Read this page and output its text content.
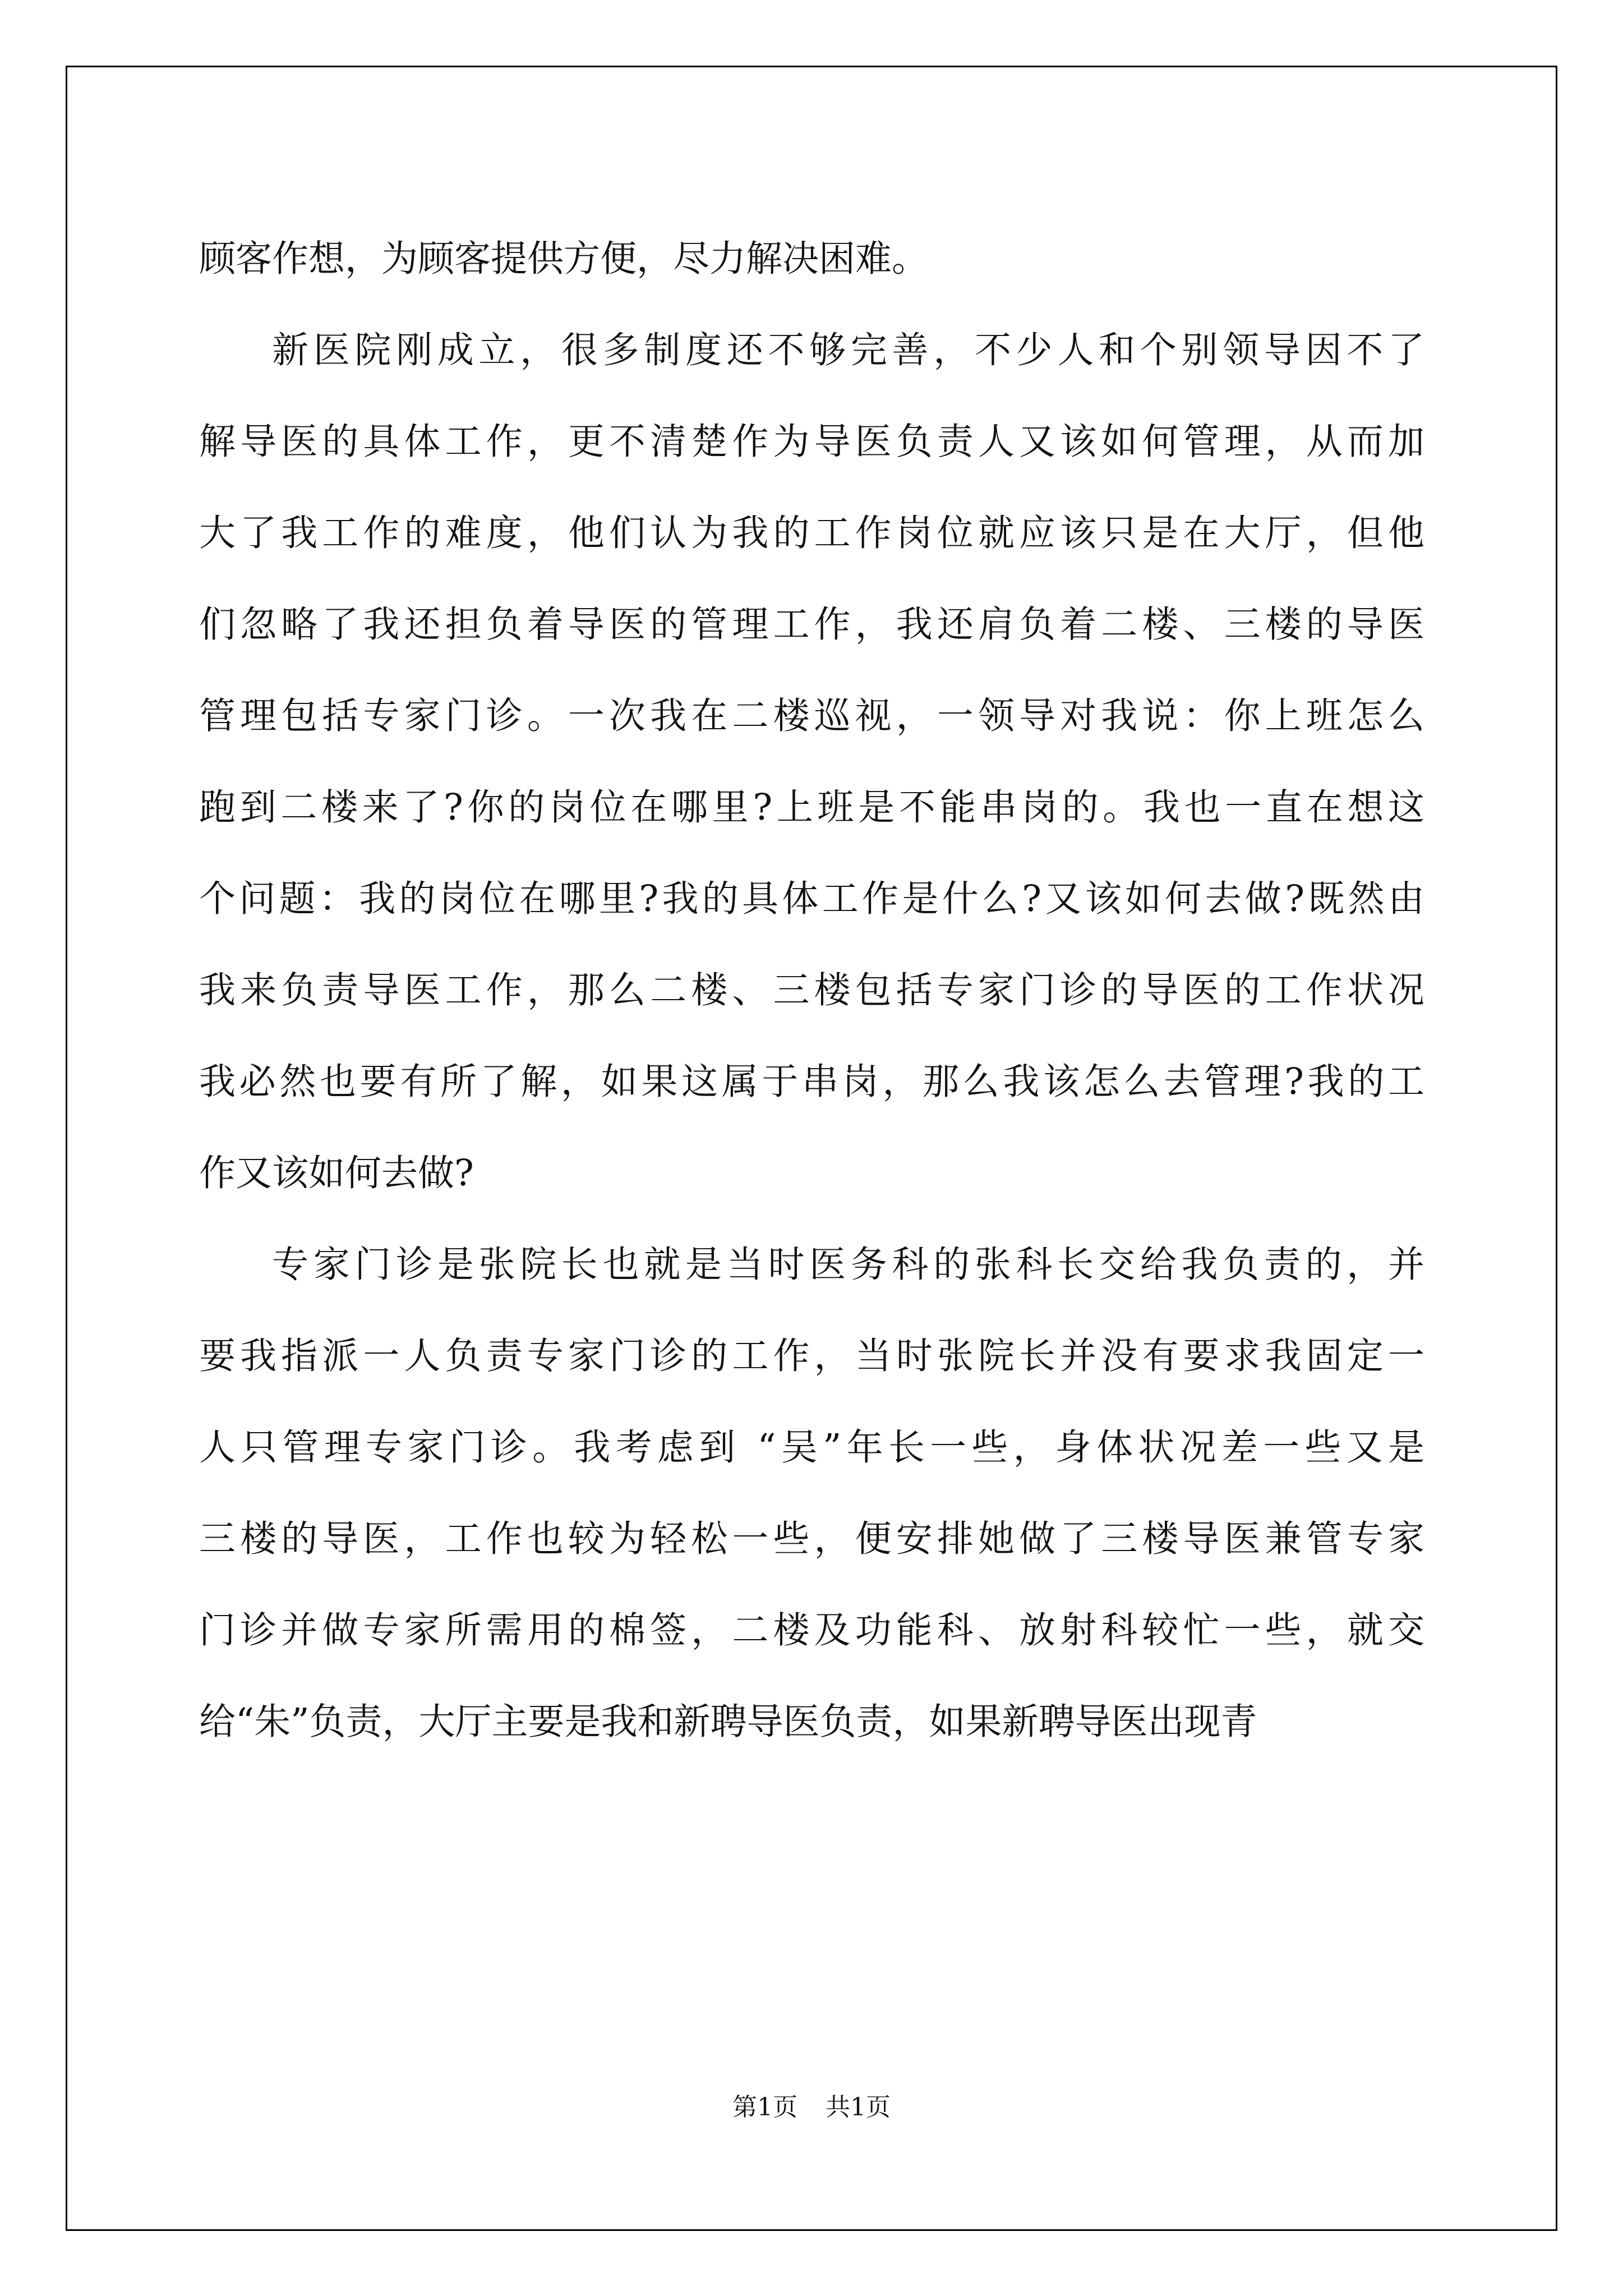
顾客作想，为顾客提供方便，尽力解决困难。
新医院刚成立，很多制度还不够完善，不少人和个别领导因不了
解导医的具体工作，更不清楚作为导医负责人又该如何管理，从而加
大了我工作的难度，他们认为我的工作岗位就应该只是在大厅，但他
们忽略了我还担负着导医的管理工作，我还肩负着二楼、三楼的导医
管理包括专家门诊。一次我在二楼巡视，一领导对我说：你上班怎么
跑到二楼来了?你的岗位在哪里?上班是不能串岗的。我也一直在想这
个问题：我的岗位在哪里?我的具体工作是什么?又该如何去做?既然由
我来负责导医工作，那么二楼、三楼包括专家门诊的导医的工作状况
我必然也要有所了解，如果这属于串岗，那么我该怎么去管理?我的工
作又该如何去做?
专家门诊是张院长也就是当时医务科的张科长交给我负责的，并
要我指派一人负责专家门诊的工作，当时张院长并没有要求我固定一
人只管理专家门诊。我考虑到 “吴”年长一些，身体状况差一些又是
三楼的导医，工作也较为轻松一些，便安排她做了三楼导医兼管专家
门诊并做专家所需用的棉签，二楼及功能科、放射科较忙一些，就交
给“朱”负责，大厅主要是我和新聘导医负责，如果新聘导医出现青
第1页 共1页
